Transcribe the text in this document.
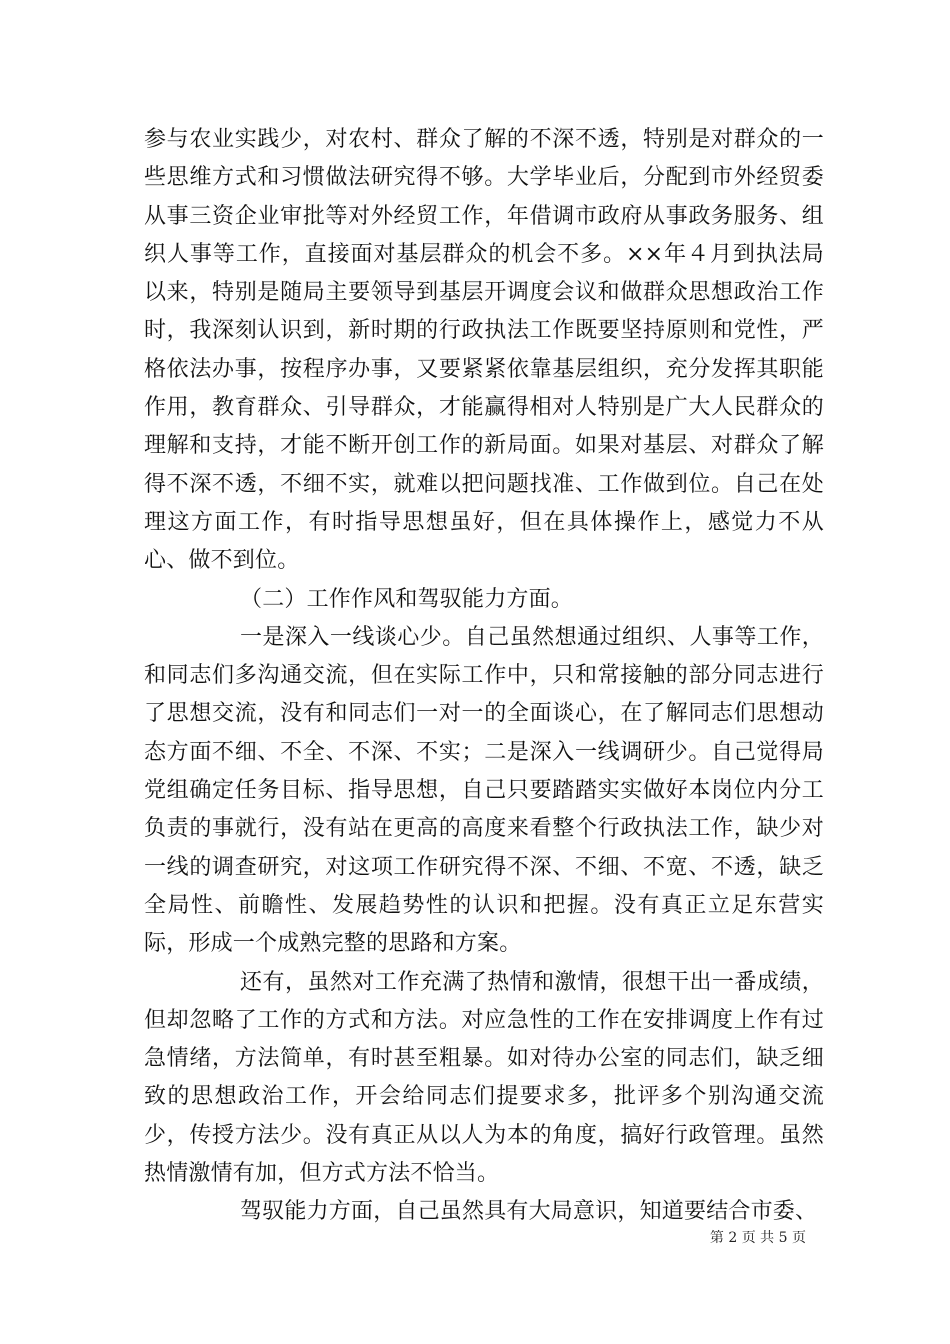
参与农业实践少，对农村、群众了解的不深不透，特别是对群众的一些思维方式和习惯做法研究得不够。大学毕业后，分配到市外经贸委从事三资企业审批等对外经贸工作，年借调市政府从事政务服务、组织人事等工作，直接面对基层群众的机会不多。××年４月到执法局以来，特别是随局主要领导到基层开调度会议和做群众思想政治工作时，我深刻认识到，新时期的行政执法工作既要坚持原则和党性，严格依法办事，按程序办事，又要紧紧依靠基层组织，充分发挥其职能作用，教育群众、引导群众，才能赢得相对人特别是广大人民群众的理解和支持，才能不断开创工作的新局面。如果对基层、对群众了解得不深不透，不细不实，就难以把问题找准、工作做到位。自己在处理这方面工作，有时指导思想虽好，但在具体操作上，感觉力不从心、做不到位。

（二）工作作风和驾驭能力方面。

一是深入一线谈心少。自己虽然想通过组织、人事等工作，和同志们多沟通交流，但在实际工作中，只和常接触的部分同志进行了思想交流，没有和同志们一对一的全面谈心，在了解同志们思想动态方面不细、不全、不深、不实；二是深入一线调研少。自己觉得局党组确定任务目标、指导思想，自己只要踏踏实实做好本岗位内分工负责的事就行，没有站在更高的高度来看整个行政执法工作，缺少对一线的调查研究，对这项工作研究得不深、不细、不宽、不透，缺乏全局性、前瞻性、发展趋势性的认识和把握。没有真正立足东营实际，形成一个成熟完整的思路和方案。

还有，虽然对工作充满了热情和激情，很想干出一番成绩，但却忽略了工作的方式和方法。对应急性的工作在安排调度上作有过急情绪，方法简单，有时甚至粗暴。如对待办公室的同志们，缺乏细致的思想政治工作，开会给同志们提要求多，批评多个别沟通交流少，传授方法少。没有真正从以人为本的角度，搞好行政管理。虽然热情激情有加，但方式方法不恰当。

驾驭能力方面，自己虽然具有大局意识，知道要结合市委、

第 2 页 共 5 页
